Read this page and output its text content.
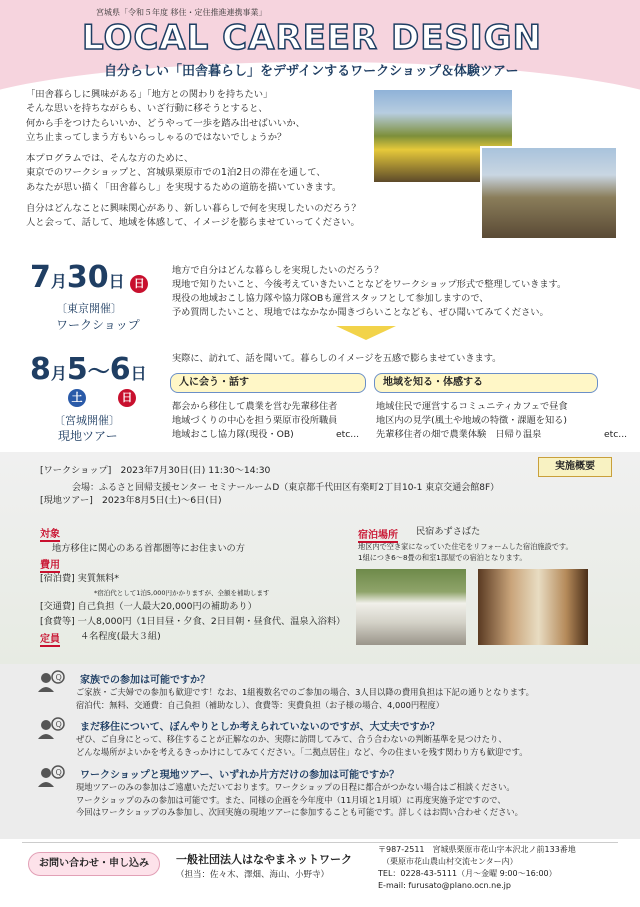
宮城県「令和５年度 移住・定住推進連携事業」
LOCAL CAREER DESIGN
自分らしい「田舎暮らし」をデザインするワークショップ＆体験ツアー

「田舎暮らしに興味がある」「地方との関わりを持ちたい」
そんな思いを持ちながらも、いざ行動に移そうとすると、
何から手をつけたらいいか、どうやって一歩を踏み出せばいいか、
立ち止まってしまう方もいらっしゃるのではないでしょうか？

本プログラムでは、そんな方のために、
東京でのワークショップと、宮城県栗原市での1泊2日の滞在を通して、
あなたが思い描く「田舎暮らし」を実現するための道筋を描いていきます。

自分はどんなことに興味関心があり、新しい暮らしで何を実現したいのだろう？
人と会って、話して、地域を体感して、イメージを膨らませていってください。

7月30日 日
〔東京開催〕
ワークショップ
地方で自分はどんな暮らしを実現したいのだろう？
現地で知りたいこと、今後考えていきたいことなどをワークショップ形式で整理していきます。
現役の地域おこし協力隊や協力隊OBも運営スタッフとして参加しますので、
予め質問したいこと、現地ではなかなか聞きづらいことなども、ぜひ聞いてみてください。
8月5～6日
土	日
〔宮城開催〕
現地ツアー
実際に、訪れて、話を聞いて。暮らしのイメージを五感で膨らませていきます。
人に会う・話す	地域を知る・体感する
都会から移住して農業を営む先輩移住者
地域づくりの中心を担う栗原市役所職員
地域おこし協力隊(現役・OB)	etc...
地域住民で運営するコミュニティカフェで昼食
地区内の見学(風土や地域の特徴・課題を知る)
先輩移住者の畑で農業体験　日帰り温泉	etc...
実施概要
[ワークショップ]　2023年7月30日(日) 11:30～14:30
会場：ふるさと回帰支援センター セミナールームD（東京都千代田区有楽町2丁目10-1 東京交通会館8F）
[現地ツアー]　2023年8月5日(土)～6日(日)
対象
地方移住に関心のある首都圏等にお住まいの方
費用
[宿泊費] 実質無料*
*宿泊代として1泊5,000円かかりますが、全額を補助します
[交通費] 自己負担（一人最大20,000円の補助あり）
[食費等] 一人8,000円（1日目昼・夕食、2日目朝・昼食代、温泉入浴料）
定員 ４名程度(最大３組)
宿泊場所 民宿あずさばた
地区内で空き家になっていた住宅をリフォームした宿泊施設です。
1組につき6～8畳の和室1部屋での宿泊となります。
Q 家族での参加は可能ですか？
ご家族・ご夫婦での参加も歓迎です！なお、1組複数名でのご参加の場合、3人目以降の費用負担は下記の通りとなります。
宿泊代：無料、交通費：自己負担（補助なし）、食費等：実費負担（お子様の場合、4,000円程度）
Q まだ移住について、ぼんやりとしか考えられていないのですが、大丈夫ですか？
ぜひ、ご自身にとって、移住することが正解なのか、実際に訪問してみて、合う合わないの判断基準を見つけたり、
どんな場所がよいかを考えるきっかけにしてみてください。「二拠点居住」など、今の住まいを残す関わり方も歓迎です。
Q ワークショップと現地ツアー、いずれか片方だけの参加は可能ですか？
現地ツアーのみの参加はご遠慮いただいております。ワークショップの日程に都合がつかない場合はご相談ください。
ワークショップのみの参加は可能です。また、同様の企画を今年度中（11月頃と1月頃）に再度実施予定ですので、
今回はワークショップのみ参加し、次回実施の現地ツアーに参加することも可能です。詳しくはお問い合わせください。
お問い合わせ・申し込み	一般社団法人はなやまネットワーク
（担当：佐々木、澤畑、海山、小野寺）
〒987-2511　宮城県栗原市花山字本沢北ノ前133番地
（栗原市花山農山村交流センター内）
TEL：0228-43-5111（月～金曜 9:00～16:00）
E-mail: furusato@plano.ocn.ne.jp
